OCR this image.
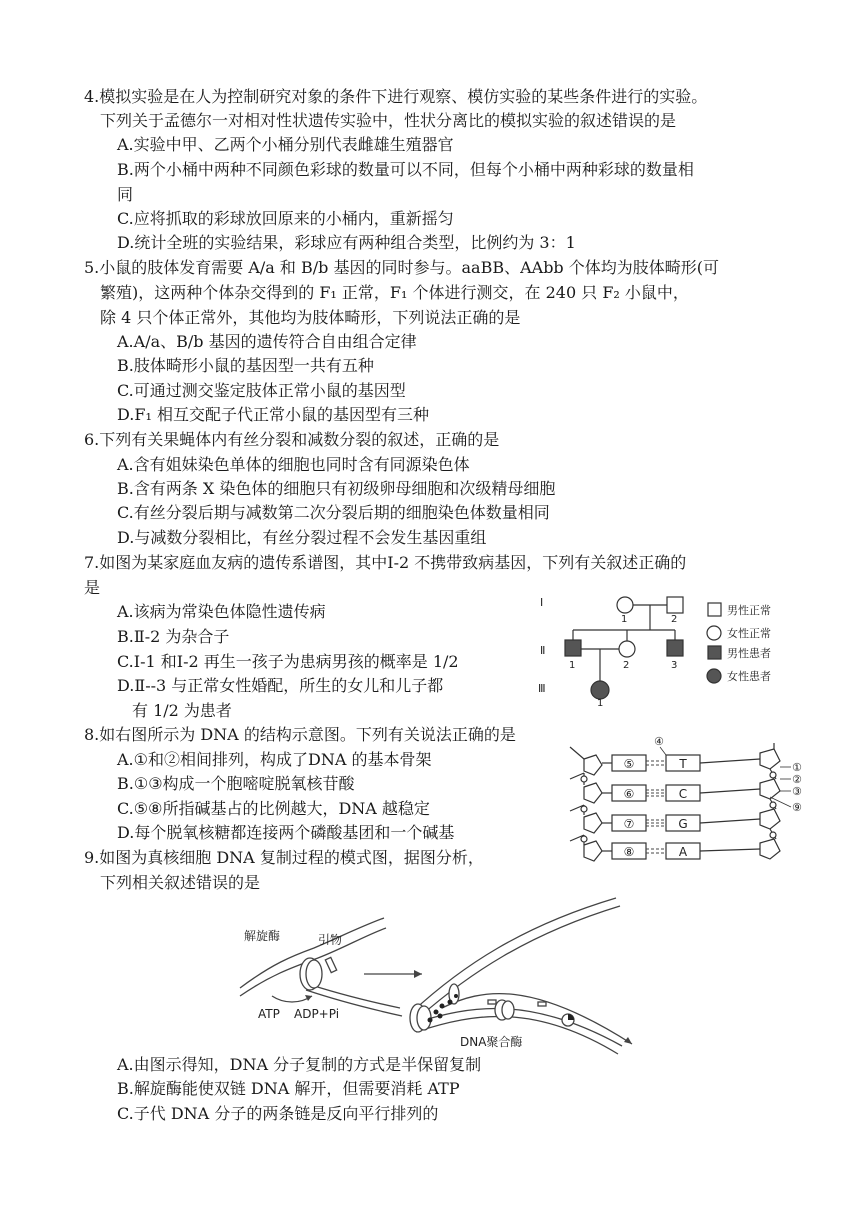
4.模拟实验是在人为控制研究对象的条件下进行观察、模仿实验的某些条件进行的实验。
下列关于孟德尔一对相对性状遗传实验中，性状分离比的模拟实验的叙述错误的是
A.实验中甲、乙两个小桶分别代表雌雄生殖器官
B.两个小桶中两种不同颜色彩球的数量可以不同，但每个小桶中两种彩球的数量相
同
C.应将抓取的彩球放回原来的小桶内，重新摇匀
D.统计全班的实验结果，彩球应有两种组合类型，比例约为 3：1
5.小鼠的肢体发育需要 A/a 和 B/b 基因的同时参与。aaBB、AAbb 个体均为肢体畸形(可
繁殖)，这两种个体杂交得到的 F₁ 正常，F₁ 个体进行测交，在 240 只 F₂ 小鼠中，
除 4 只个体正常外，其他均为肢体畸形，下列说法正确的是
A.A/a、B/b 基因的遗传符合自由组合定律
B.肢体畸形小鼠的基因型一共有五种
C.可通过测交鉴定肢体正常小鼠的基因型
D.F₁ 相互交配子代正常小鼠的基因型有三种
6.下列有关果蝇体内有丝分裂和减数分裂的叙述，正确的是
A.含有姐妹染色单体的细胞也同时含有同源染色体
B.含有两条 X 染色体的细胞只有初级卵母细胞和次级精母细胞
C.有丝分裂后期与减数第二次分裂后期的细胞染色体数量相同
D.与减数分裂相比，有丝分裂过程不会发生基因重组
7.如图为某家庭血友病的遗传系谱图，其中Ⅰ-2 不携带致病基因，下列有关叙述正确的
是
A.该病为常染色体隐性遗传病
B.Ⅱ-2 为杂合子
C.Ⅰ-1 和Ⅰ-2 再生一孩子为患病男孩的概率是 1/2
D.Ⅱ--3 与正常女性婚配，所生的女儿和儿子都
有 1/2 为患者
Ⅰ
Ⅱ
Ⅲ
1	2
1	2	3
1
男性正常
女性正常
男性患者
女性患者
8.如右图所示为 DNA 的结构示意图。下列有关说法正确的是
A.①和②相间排列，构成了DNA 的基本骨架
B.①③构成一个胞嘧啶脱氧核苷酸
C.⑤⑧所指碱基占的比例越大，DNA 越稳定
D.每个脱氧核糖都连接两个磷酸基团和一个碱基
⑤
⑥
⑦
⑧
T
C
G
A
④
①
②
③
⑨
9.如图为真核细胞 DNA 复制过程的模式图，据图分析，
下列相关叙述错误的是
解旋酶	引物
ATP ADP+Pi
DNA聚合酶
A.由图示得知，DNA 分子复制的方式是半保留复制
B.解旋酶能使双链 DNA 解开，但需要消耗 ATP
C.子代 DNA 分子的两条链是反向平行排列的
